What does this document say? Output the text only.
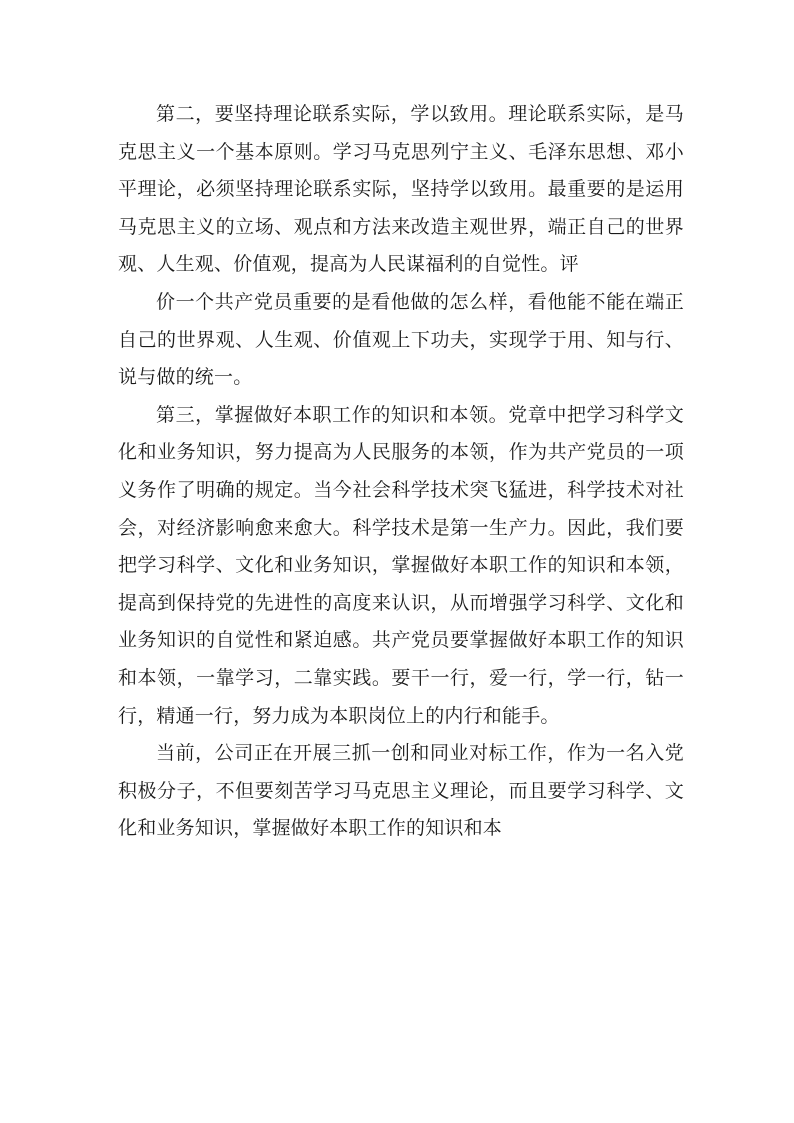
第二，要坚持理论联系实际，学以致用。理论联系实际，是马克思主义一个基本原则。学习马克思列宁主义、毛泽东思想、邓小平理论，必须坚持理论联系实际，坚持学以致用。最重要的是运用马克思主义的立场、观点和方法来改造主观世界，端正自己的世界观、人生观、价值观，提高为人民谋福利的自觉性。评

价一个共产党员重要的是看他做的怎么样，看他能不能在端正自己的世界观、人生观、价值观上下功夫，实现学于用、知与行、说与做的统一。

第三，掌握做好本职工作的知识和本领。党章中把学习科学文化和业务知识，努力提高为人民服务的本领，作为共产党员的一项义务作了明确的规定。当今社会科学技术突飞猛进，科学技术对社会，对经济影响愈来愈大。科学技术是第一生产力。因此，我们要把学习科学、文化和业务知识，掌握做好本职工作的知识和本领，提高到保持党的先进性的高度来认识，从而增强学习科学、文化和业务知识的自觉性和紧迫感。共产党员要掌握做好本职工作的知识和本领，一靠学习，二靠实践。要干一行，爱一行，学一行，钻一行，精通一行，努力成为本职岗位上的内行和能手。

当前，公司正在开展三抓一创和同业对标工作，作为一名入党积极分子，不但要刻苦学习马克思主义理论，而且要学习科学、文化和业务知识，掌握做好本职工作的知识和本
